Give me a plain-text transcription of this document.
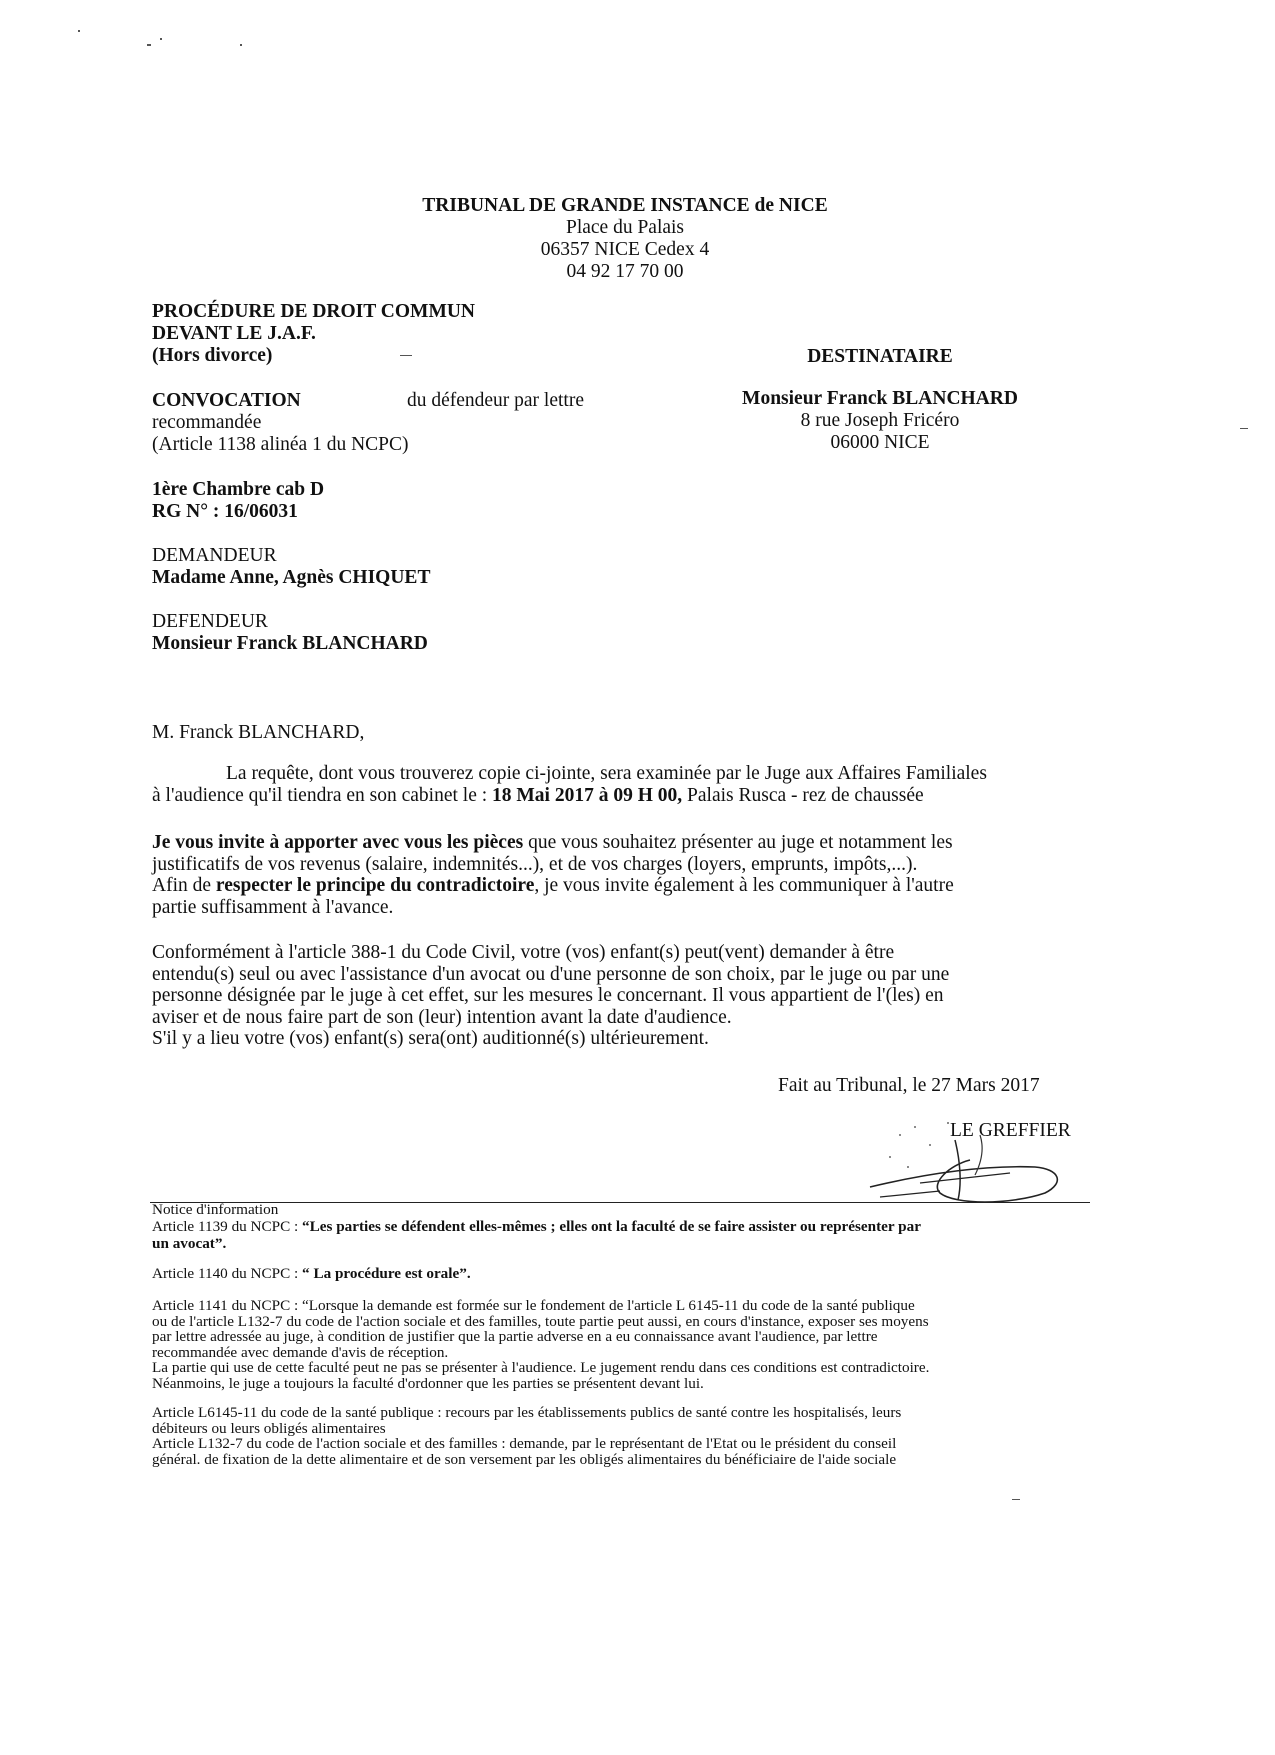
TRIBUNAL DE GRANDE INSTANCE de NICE
Place du Palais
06357 NICE Cedex 4
04 92 17 70 00
PROCÉDURE DE DROIT COMMUN
DEVANT LE J.A.F.
(Hors divorce)
CONVOCATION	du défendeur par lettre
recommandée
(Article 1138 alinéa 1 du NCPC)
1ère Chambre cab D
RG N° : 16/06031
DEMANDEUR
Madame Anne, Agnès CHIQUET
DEFENDEUR
Monsieur Franck BLANCHARD
DESTINATAIRE
Monsieur Franck BLANCHARD
8 rue Joseph Fricéro
06000 NICE
M. Franck BLANCHARD,
La requête, dont vous trouverez copie ci-jointe, sera examinée par le Juge aux Affaires Familiales
à l'audience qu'il tiendra en son cabinet le : 18 Mai 2017 à 09 H 00, Palais Rusca - rez de chaussée
Je vous invite à apporter avec vous les pièces que vous souhaitez présenter au juge et notamment les
justificatifs de vos revenus (salaire, indemnités...), et de vos charges (loyers, emprunts, impôts,...).
Afin de respecter le principe du contradictoire, je vous invite également à les communiquer à l'autre
partie suffisamment à l'avance.
Conformément à l'article 388-1 du Code Civil, votre (vos) enfant(s) peut(vent) demander à être
entendu(s) seul ou avec l'assistance d'un avocat ou d'une personne de son choix, par le juge ou par une
personne désignée par le juge à cet effet, sur les mesures le concernant. Il vous appartient de l'(les) en
aviser et de nous faire part de son (leur) intention avant la date d'audience.
S'il y a lieu votre (vos) enfant(s) sera(ont) auditionné(s) ultérieurement.
Fait au Tribunal, le 27 Mars 2017
LE GREFFIER
Notice d'information
Article 1139 du NCPC : “Les parties se défendent elles-mêmes ; elles ont la faculté de se faire assister ou représenter par
un avocat”.
Article 1140 du NCPC : “ La procédure est orale”.
Article 1141 du NCPC : “Lorsque la demande est formée sur le fondement de l'article L 6145-11 du code de la santé publique
ou de l'article L132-7 du code de l'action sociale et des familles, toute partie peut aussi, en cours d'instance, exposer ses moyens
par lettre adressée au juge, à condition de justifier que la partie adverse en a eu connaissance avant l'audience, par lettre
recommandée avec demande d'avis de réception.
La partie qui use de cette faculté peut ne pas se présenter à l'audience. Le jugement rendu dans ces conditions est contradictoire.
Néanmoins, le juge a toujours la faculté d'ordonner que les parties se présentent devant lui.
Article L6145-11 du code de la santé publique : recours par les établissements publics de santé contre les hospitalisés, leurs
débiteurs ou leurs obligés alimentaires
Article L132-7 du code de l'action sociale et des familles : demande, par le représentant de l'Etat ou le président du conseil
général. de fixation de la dette alimentaire et de son versement par les obligés alimentaires du bénéficiaire de l'aide sociale
